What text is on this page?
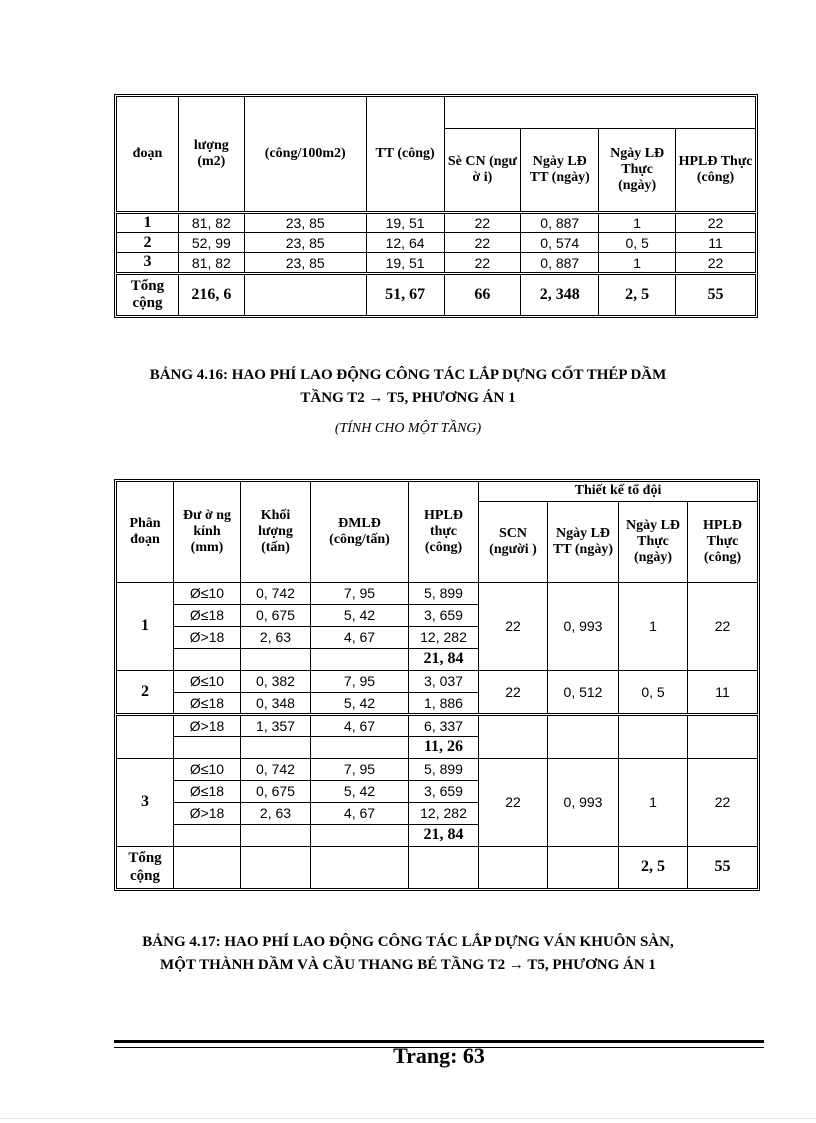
đoạn	lượng (m2)	(công/100m2)	TT (công)				
				Sè CN (ngư ờ i)	Ngày LĐ TT (ngày)	Ngày LĐ Thực (ngày)	HPLĐ Thực (công)
1	81, 82	23, 85	19, 51	22	0, 887	1	22
2	52, 99	23, 85	12, 64	22	0, 574	0, 5	11
3	81, 82	23, 85	19, 51	22	0, 887	1	22
Tổng cộng	216, 6		51, 67	66	2, 348	2, 5	55
BẢNG 4.16: HAO PHÍ LAO ĐỘNG CÔNG TÁC LẮP DỰNG CỐT THÉP DẦM
TẦNG T2 → T5, PHƯƠNG ÁN 1
(TÍNH CHO MỘT TẦNG)
Phân đoạn	Đư ờ ng kính (mm)	Khối lượng (tấn)	ĐMLĐ (công/tấn)	HPLĐ thực (công)	Thiết kế tổ đội			
					SCN (người )	Ngày LĐ TT (ngày)	Ngày LĐ Thực (ngày)	HPLĐ Thực (công)
1	Ø≤10	0, 742	7, 95	5, 899	22	0, 993	1	22
	Ø≤18	0, 675	5, 42	3, 659				
	Ø>18	2, 63	4, 67	12, 282				
				21, 84				
2	Ø≤10	0, 382	7, 95	3, 037	22	0, 512	0, 5	11
	Ø≤18	0, 348	5, 42	1, 886				
	Ø>18	1, 357	4, 67	6, 337				
				11, 26				
3	Ø≤10	0, 742	7, 95	5, 899	22	0, 993	1	22
	Ø≤18	0, 675	5, 42	3, 659				
	Ø>18	2, 63	4, 67	12, 282				
				21, 84				
Tổng cộng							2, 5	55
BẢNG 4.17: HAO PHÍ LAO ĐỘNG CÔNG TÁC LẮP DỰNG VÁN KHUÔN SÀN,
MỘT THÀNH DẦM VÀ CẦU THANG BÉ TẦNG T2 → T5, PHƯƠNG ÁN 1
Trang: 63
